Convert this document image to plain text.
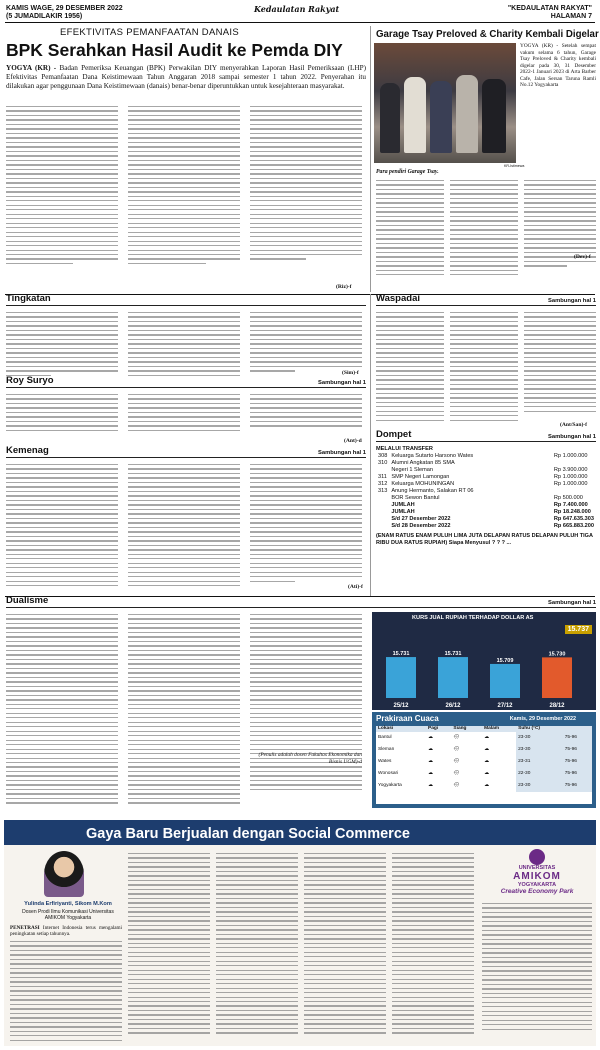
KAMIS WAGE, 29 DESEMBER 2022
(5 JUMADILAKIR 1956)
Kedaulatan Rakyat	"KEDAULATAN RAKYAT"
HALAMAN 7
EFEKTIVITAS PEMANFAATAN DANAIS
BPK Serahkan Hasil Audit ke Pemda DIY
YOGYA (KR) - Badan Pemeriksa Keuangan (BPK) Perwakilan DIY menyerahkan Laporan Hasil Pemeriksaan (LHP) Efektivitas Pemanfaatan Dana Keistimewaan Tahun Anggaran 2018 sampai semester 1 tahun 2022. Penyerahan itu dilakukan agar penggunaan Dana Keistimewaan (danais) benar-benar diperuntukkan untuk kesejahteraan masyarakat.
(Riz)-f
Garage Tsay Preloved & Charity Kembali Digelar
YOGYA (KR) - Setelah sempat vakum selama 6 tahun, Garage Tsay Preloved & Charity kembali digelar pada 30, 31 Desember 2022-1 Januari 2023 di Arta Barber Cafe, Jalan Sersan Taruna Ramli No.12 Yogyakarta
KR-Istimewa
Para pendiri Garage Tsay.
(Dev)-f
Tingkatan
(Sim)-f
Waspadai	Sambungan hal 1
(Ant/San)-f
Roy Suryo	Sambungan hal 1
(Ant)-d
Dompet	Sambungan hal 1
MELALUI TRANSFER
308	Keluarga Sutarto Harsono Wates	Rp 1.000.000
310	Alumni Angkatan 85 SMA	
	Negeri 1 Sleman	Rp 3.900.000
311	SMP Negeri Lamongan	Rp 1.000.000
312	Keluarga MOHUNINGAN	Rp 1.000.000
313	Anung Hermanto, Salakan RT 06	
	BOR Sewon Bantul	Rp 500.000
	JUMLAH	Rp 7.400.000
	JUMLAH	Rp 18.248.000
	S/d 27 Desember 2022	Rp 647.635.303
	S/d 28 Desember 2022	Rp 665.883.200
(ENAM RATUS ENAM PULUH LIMA JUTA DELAPAN RATUS DELAPAN PULUH TIGA RIBU DUA RATUS RUPIAH) Siapa Menyusul ? ? ? ...
Kemenag	Sambungan hal 1
(Ati)-f
Dualisme	Sambungan hal 1
(Penulis adalah dosen Fakultas Ekonomika dan Bisnis UGM)-d
KURS JUAL RUPIAH TERHADAP DOLLAR AS
15.737
15.731
25/12
15.731
26/12
15.709
27/12
15.730
28/12
Prakiraan Cuaca	Kamis, 29 Desember 2022
Lokasi	Pagi	Siang	Malam	Suhu (°C)	
Bantul	☁	🌧	☁	23-30	75-96
Sleman	☁	🌧	☁	23-30	75-96
Wates	☁	🌧	☁	23-31	75-96
Wonosari	☁	🌧	☁	22-30	75-96
Yogyakarta	☁	🌧	☁	23-30	75-96
Gaya Baru Berjualan dengan Social Commerce
Yulinda Erfiriyanti, Sikom M.Kom
Dosen Prodi Ilmu Komunikasi Universitas AMIKOM Yogyakarta
PENETRASI Internet Indonesia terus mengalami peningkatan setiap tahunnya.
UNIVERSITAS
AMIKOM
YOGYAKARTA
Creative Economy Park
